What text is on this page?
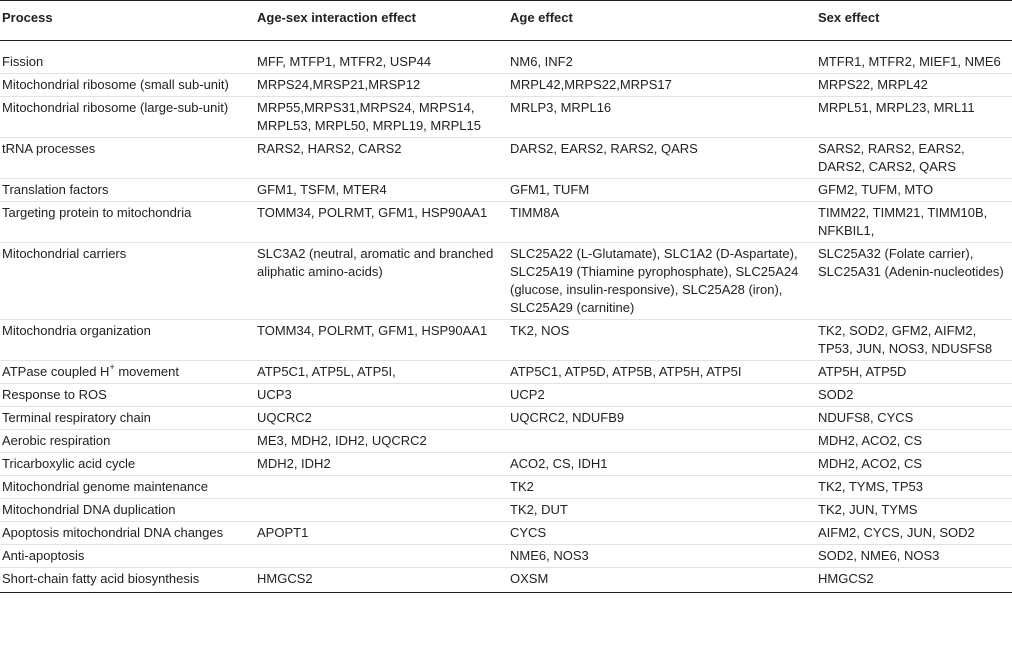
Process	Age-sex interaction effect	Age effect	Sex effect
Fission	MFF, MTFP1, MTFR2, USP44	NM6, INF2	MTFR1, MTFR2, MIEF1, NME6
Mitochondrial ribosome (small sub-unit)	MRPS24,MRSP21,MRSP12	MRPL42,MRPS22,MRPS17	MRPS22, MRPL42
Mitochondrial ribosome (large-sub-unit)	MRP55,MRPS31,MRPS24, MRPS14, MRPL53, MRPL50, MRPL19, MRPL15	MRLP3, MRPL16	MRPL51, MRPL23, MRL11
tRNA processes	RARS2, HARS2, CARS2	DARS2, EARS2, RARS2, QARS	SARS2, RARS2, EARS2, DARS2, CARS2, QARS
Translation factors	GFM1, TSFM, MTER4	GFM1, TUFM	GFM2, TUFM, MTO
Targeting protein to mitochondria	TOMM34, POLRMT, GFM1, HSP90AA1	TIMM8A	TIMM22, TIMM21, TIMM10B, NFKBIL1,
Mitochondrial carriers	SLC3A2 (neutral, aromatic and branched aliphatic amino-acids)	SLC25A22 (L-Glutamate), SLC1A2 (D-Aspartate), SLC25A19 (Thiamine pyrophosphate), SLC25A24 (glucose, insulin-responsive), SLC25A28 (iron), SLC25A29 (carnitine)	SLC25A32 (Folate carrier), SLC25A31 (Adenin-nucleotides)
Mitochondria organization	TOMM34, POLRMT, GFM1, HSP90AA1	TK2, NOS	TK2, SOD2, GFM2, AIFM2, TP53, JUN, NOS3, NDUSFS8
ATPase coupled H+ movement	ATP5C1, ATP5L, ATP5I,	ATP5C1, ATP5D, ATP5B, ATP5H, ATP5I	ATP5H, ATP5D
Response to ROS	UCP3	UCP2	SOD2
Terminal respiratory chain	UQCRC2	UQCRC2, NDUFB9	NDUFS8, CYCS
Aerobic respiration	ME3, MDH2, IDH2, UQCRC2		MDH2, ACO2, CS
Tricarboxylic acid cycle	MDH2, IDH2	ACO2, CS, IDH1	MDH2, ACO2, CS
Mitochondrial genome maintenance		TK2	TK2, TYMS, TP53
Mitochondrial DNA duplication		TK2, DUT	TK2, JUN, TYMS
Apoptosis mitochondrial DNA changes	APOPT1	CYCS	AIFM2, CYCS, JUN, SOD2
Anti-apoptosis		NME6, NOS3	SOD2, NME6, NOS3
Short-chain fatty acid biosynthesis	HMGCS2	OXSM	HMGCS2
